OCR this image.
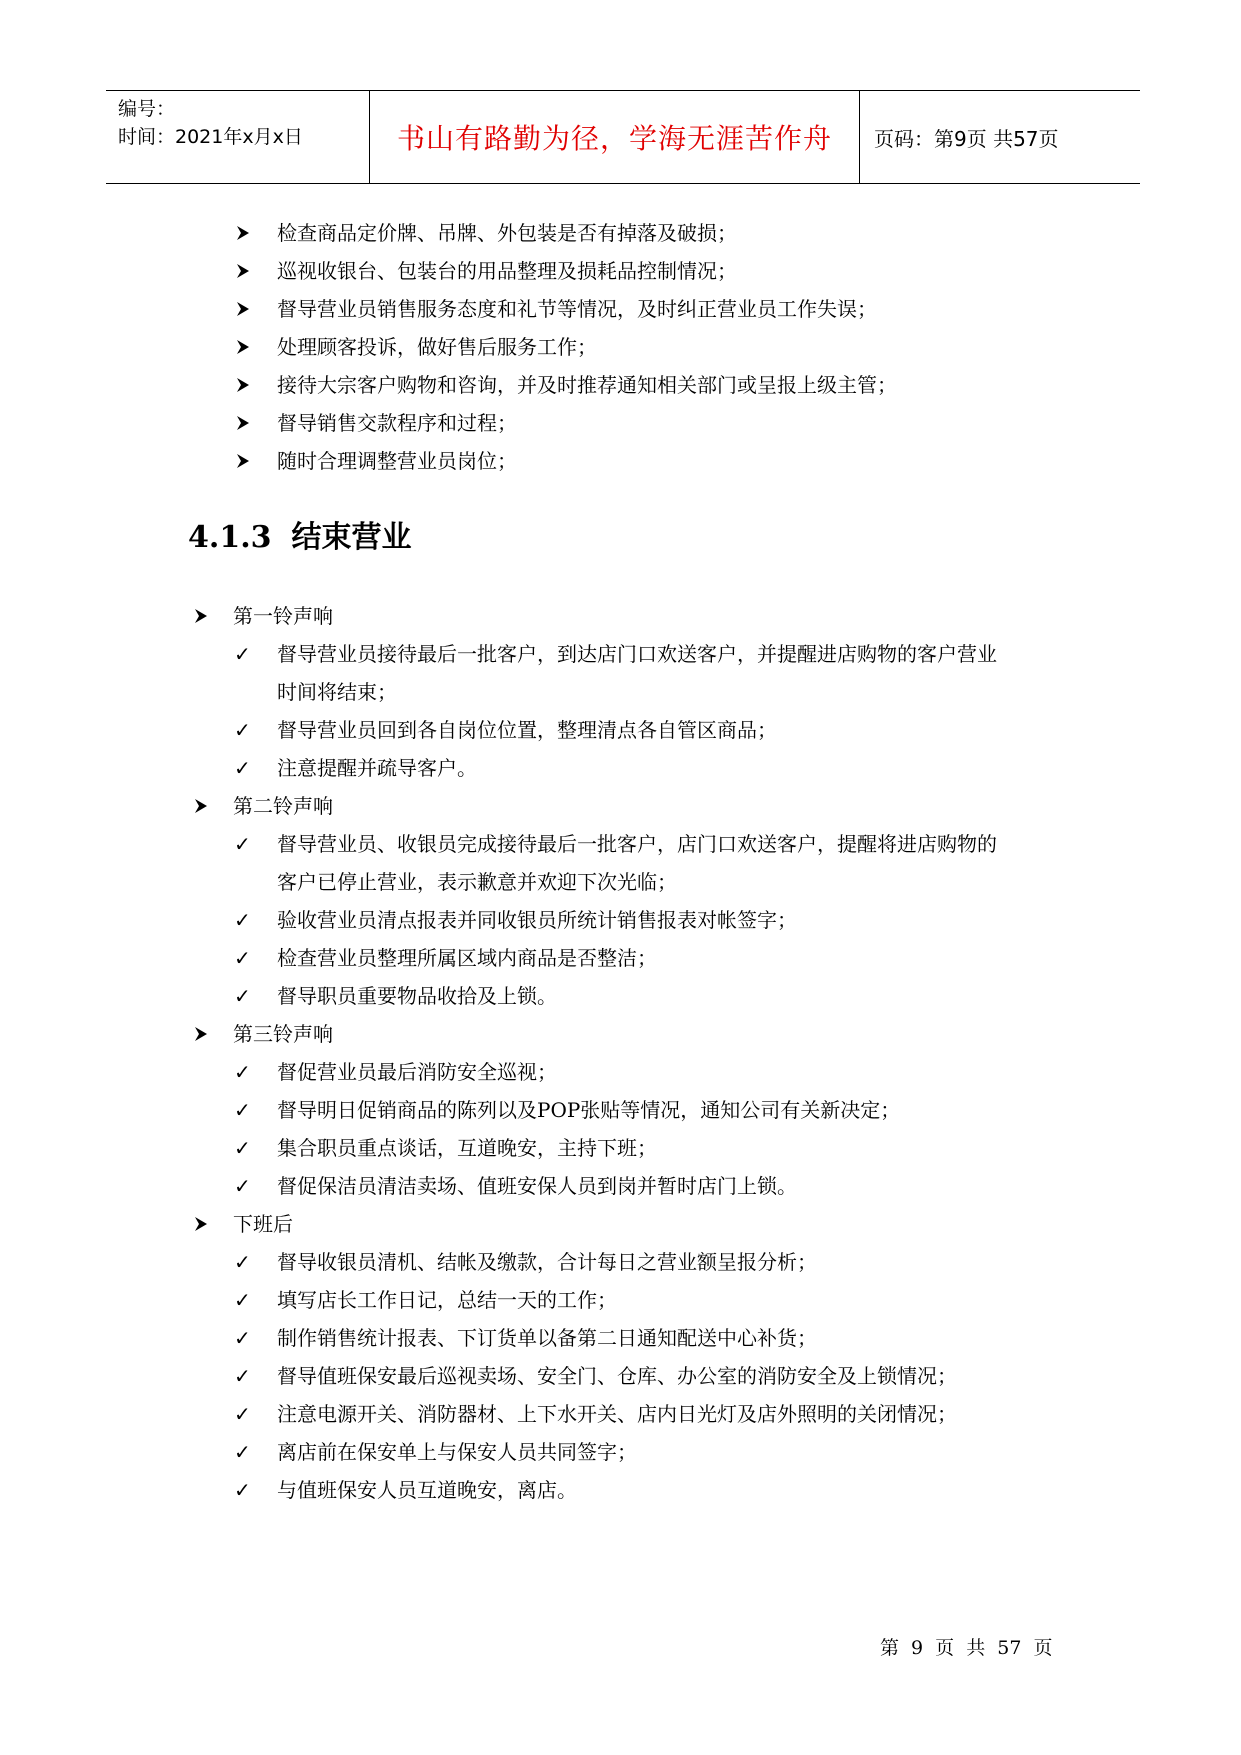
编号：
时间：2021年x月x日	书山有路勤为径，学海无涯苦作舟	页码：第9页 共57页
检查商品定价牌、吊牌、外包装是否有掉落及破损；
巡视收银台、包装台的用品整理及损耗品控制情况；
督导营业员销售服务态度和礼节等情况，及时纠正营业员工作失误；
处理顾客投诉，做好售后服务工作；
接待大宗客户购物和咨询，并及时推荐通知相关部门或呈报上级主管；
督导销售交款程序和过程；
随时合理调整营业员岗位；
第一铃声响
✓ 督导营业员接待最后一批客户，到达店门口欢送客户，并提醒进店购物的客户营业
时间将结束；
✓ 督导营业员回到各自岗位位置，整理清点各自管区商品；
✓ 注意提醒并疏导客户。
第二铃声响
✓ 督导营业员、收银员完成接待最后一批客户，店门口欢送客户，提醒将进店购物的
客户已停止营业，表示歉意并欢迎下次光临；
✓ 验收营业员清点报表并同收银员所统计销售报表对帐签字；
✓ 检查营业员整理所属区域内商品是否整洁；
✓ 督导职员重要物品收拾及上锁。
第三铃声响
✓ 督促营业员最后消防安全巡视；
✓ 督导明日促销商品的陈列以及POP张贴等情况，通知公司有关新决定；
✓ 集合职员重点谈话，互道晚安，主持下班；
✓ 督促保洁员清洁卖场、值班安保人员到岗并暂时店门上锁。
下班后
✓ 督导收银员清机、结帐及缴款，合计每日之营业额呈报分析；
✓ 填写店长工作日记，总结一天的工作；
✓ 制作销售统计报表、下订货单以备第二日通知配送中心补货；
✓ 督导值班保安最后巡视卖场、安全门、仓库、办公室的消防安全及上锁情况；
✓ 注意电源开关、消防器材、上下水开关、店内日光灯及店外照明的关闭情况；
✓ 离店前在保安单上与保安人员共同签字；
✓ 与值班保安人员互道晚安，离店。
4.1.3 结束营业
第 9 页 共 57 页
